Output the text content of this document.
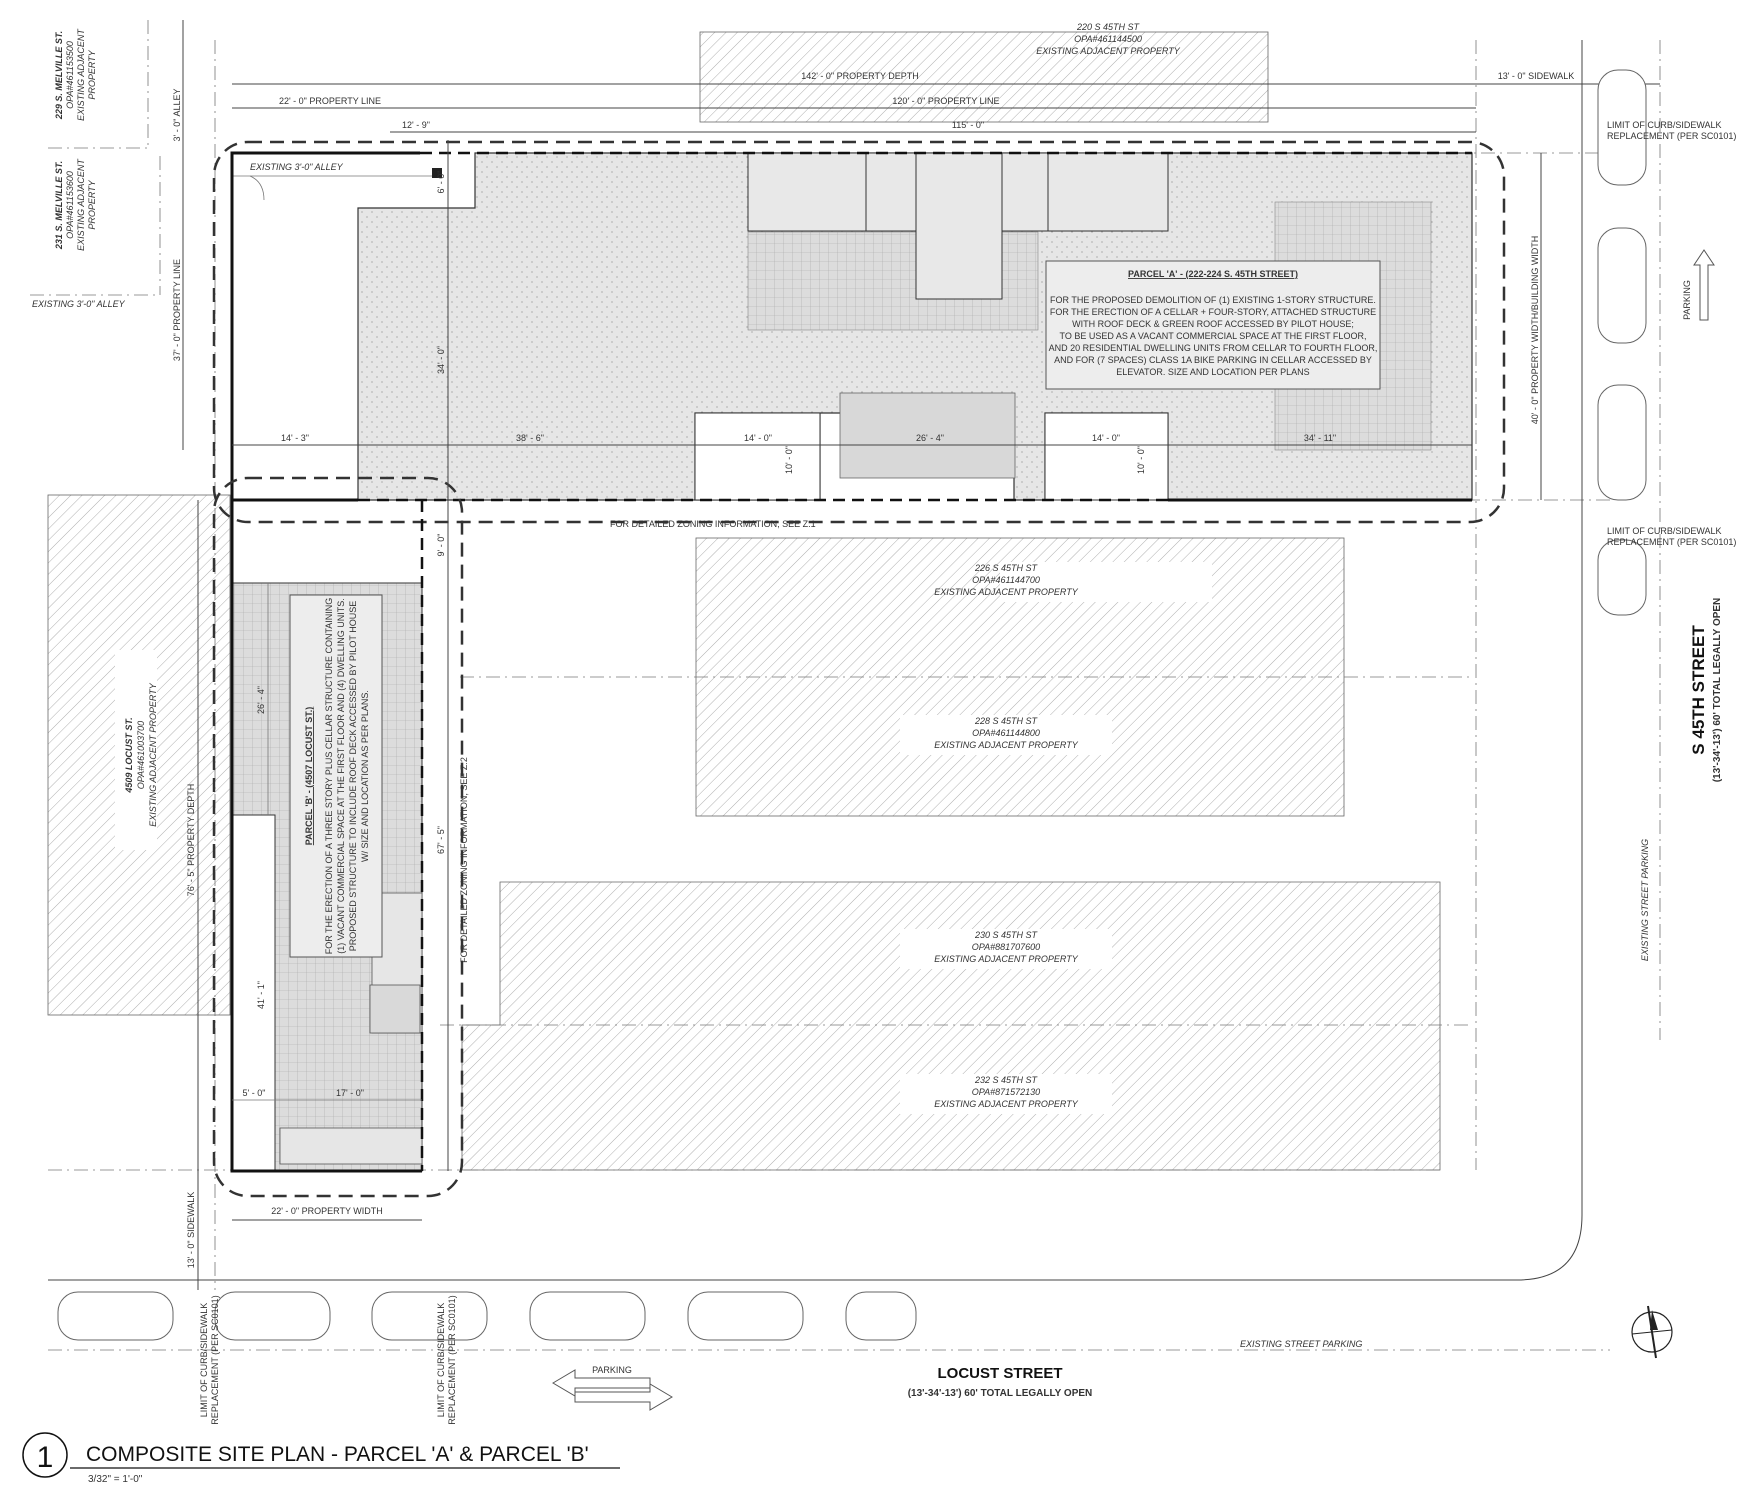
220 S 45TH ST
OPA#461144500
EXISTING ADJACENT PROPERTY
226 S 45TH ST
OPA#461144700
EXISTING ADJACENT PROPERTY
228 S 45TH ST
OPA#461144800
EXISTING ADJACENT PROPERTY
230 S 45TH ST
OPA#881707600
EXISTING ADJACENT PROPERTY
232 S 45TH ST
OPA#871572130
EXISTING ADJACENT PROPERTY
4509 LOCUST ST. OPA#461003700 EXISTING ADJACENT PROPERTY
229 S. MELVILLE ST. OPA#461153500 EXISTING ADJACENT PROPERTY
231 S. MELVILLE ST. OPA#461153600 EXISTING ADJACENT PROPERTY
EXISTING 3'-0" ALLEY
EXISTING 3'-0" ALLEY
PARCEL 'A' - (222-224 S. 45TH STREET)
FOR THE PROPOSED DEMOLITION OF (1) EXISTING 1-STORY STRUCTURE.
FOR THE ERECTION OF A CELLAR + FOUR-STORY, ATTACHED STRUCTURE
WITH ROOF DECK & GREEN ROOF ACCESSED BY PILOT HOUSE;
TO BE USED AS A VACANT COMMERCIAL SPACE AT THE FIRST FLOOR,
AND 20 RESIDENTIAL DWELLING UNITS FROM CELLAR TO FOURTH FLOOR,
AND FOR (7 SPACES) CLASS 1A BIKE PARKING IN CELLAR ACCESSED BY
ELEVATOR. SIZE AND LOCATION PER PLANS
FOR DETAILED ZONING INFORMATION, SEE Z.1
PARCEL 'B' - (4507 LOCUST ST.) FOR THE ERECTION OF A THREE STORY PLUS CELLAR STRUCTURE CONTAINING (1) VACANT COMMERCIAL SPACE AT THE FIRST FLOOR AND (4) DWELLING UNITS. PROPOSED STRUCTURE TO INCLUDE ROOF DECK ACCESSED BY PILOT HOUSE W/ SIZE AND LOCATION AS PER PLANS.	FOR DETAILED ZONING INFORMATION, SEE Z.2
142' - 0" PROPERTY DEPTH	13' - 0" SIDEWALK
22' - 0" PROPERTY LINE	120' - 0" PROPERTY LINE
12' - 9"	115' - 0"
3' - 0" ALLEY
37' - 0" PROPERTY LINE
6' - 0"
34' - 0"
14' - 3"	38' - 6"	14' - 0"
10' - 0"
26' - 4"	14' - 0"
10' - 0"
34' - 11"
40' - 0" PROPERTY WIDTH/BUILDING WIDTH
9' - 0"
67' - 5"
26' - 4"
76' - 5" PROPERTY DEPTH
41' - 1"
5' - 0"	17' - 0"
22' - 0" PROPERTY WIDTH
13' - 0" SIDEWALK
S 45TH STREET (13'-34'-13') 60' TOTAL LEGALLY OPEN
EXISTING STREET PARKING
PARKING
LOCUST STREET
(13'-34'-13') 60' TOTAL LEGALLY OPEN
EXISTING STREET PARKING
PARKING
LIMIT OF CURB/SIDEWALK
REPLACEMENT (PER SC0101)
LIMIT OF CURB/SIDEWALK
REPLACEMENT (PER SC0101)
LIMIT OF CURB/SIDEWALK REPLACEMENT (PER SC0101)	LIMIT OF CURB/SIDEWALK REPLACEMENT (PER SC0101)
1 COMPOSITE SITE PLAN - PARCEL 'A' & PARCEL 'B'
3/32" = 1'-0"
